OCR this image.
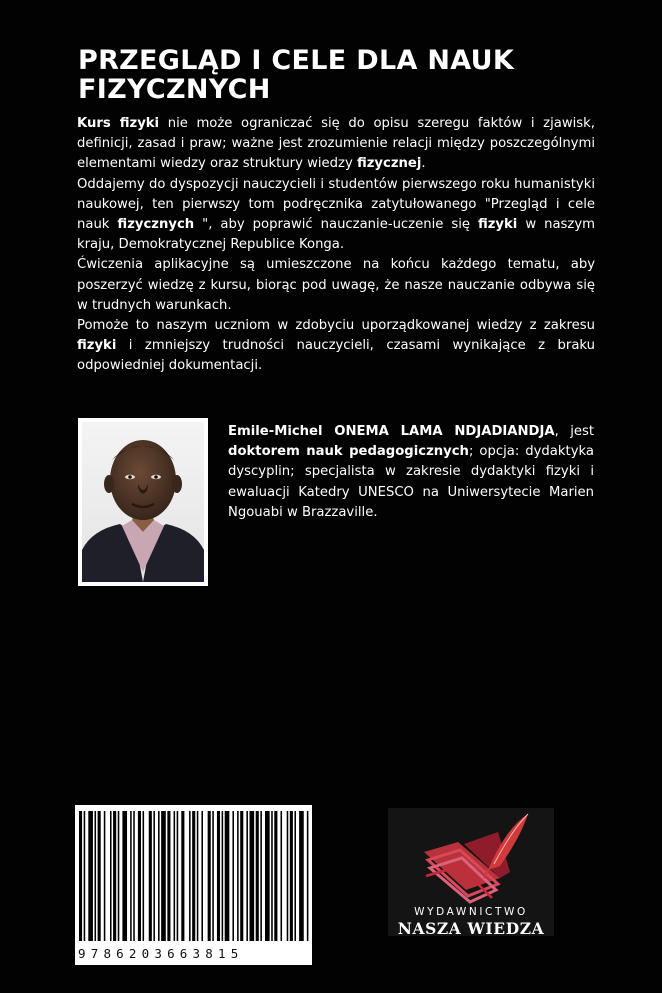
PRZEGLĄD I CELE DLA NAUK FIZYCZNYCH

Kurs fizyki nie może ograniczać się do opisu szeregu faktów i zjawisk, definicji, zasad i praw; ważne jest zrozumienie relacji między poszczególnymi elementami wiedzy oraz struktury wiedzy fizycznej.

Oddajemy do dyspozycji nauczycieli i studentów pierwszego roku humanistyki naukowej, ten pierwszy tom podręcznika zatytułowanego "Przegląd i cele nauk fizycznych ", aby poprawić nauczanie-uczenie się fizyki w naszym kraju, Demokratycznej Republice Konga.

Ćwiczenia aplikacyjne są umieszczone na końcu każdego tematu, aby poszerzyć wiedzę z kursu, biorąc pod uwagę, że nasze nauczanie odbywa się w trudnych warunkach.

Pomoże to naszym uczniom w zdobyciu uporządkowanej wiedzy z zakresu fizyki i zmniejszy trudności nauczycieli, czasami wynikające z braku odpowiedniej dokumentacji.

Emile-Michel ONEMA LAMA NDJADIANDJA, jest doktorem nauk pedagogicznych; opcja: dydaktyka dyscyplin; specjalista w zakresie dydaktyki fizyki i ewaluacji Katedry UNESCO na Uniwersytecie Marien Ngouabi w Brazzaville.

9786203663815
WYDAWNICTWO
NASZA WIEDZA
